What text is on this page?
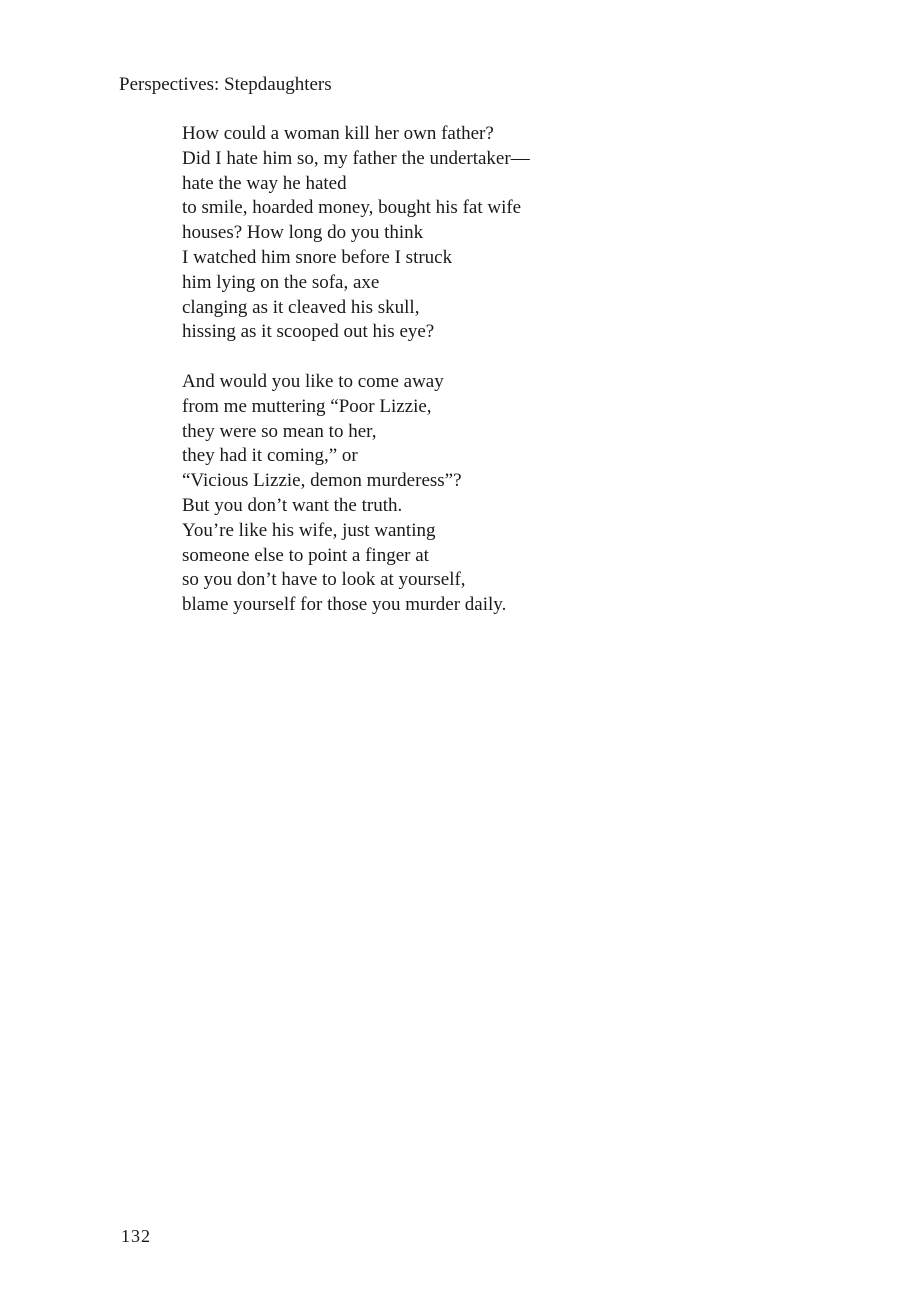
Perspectives: Stepdaughters

How could a woman kill her own father?
Did I hate him so, my father the undertaker—
hate the way he hated
to smile, hoarded money, bought his fat wife
houses? How long do you think
I watched him snore before I struck
him lying on the sofa, axe
clanging as it cleaved his skull,
hissing as it scooped out his eye?

And would you like to come away
from me muttering “Poor Lizzie,
they were so mean to her,
they had it coming,” or
“Vicious Lizzie, demon murderess”?
But you don’t want the truth.
You’re like his wife, just wanting
someone else to point a finger at
so you don’t have to look at yourself,
blame yourself for those you murder daily.

132
